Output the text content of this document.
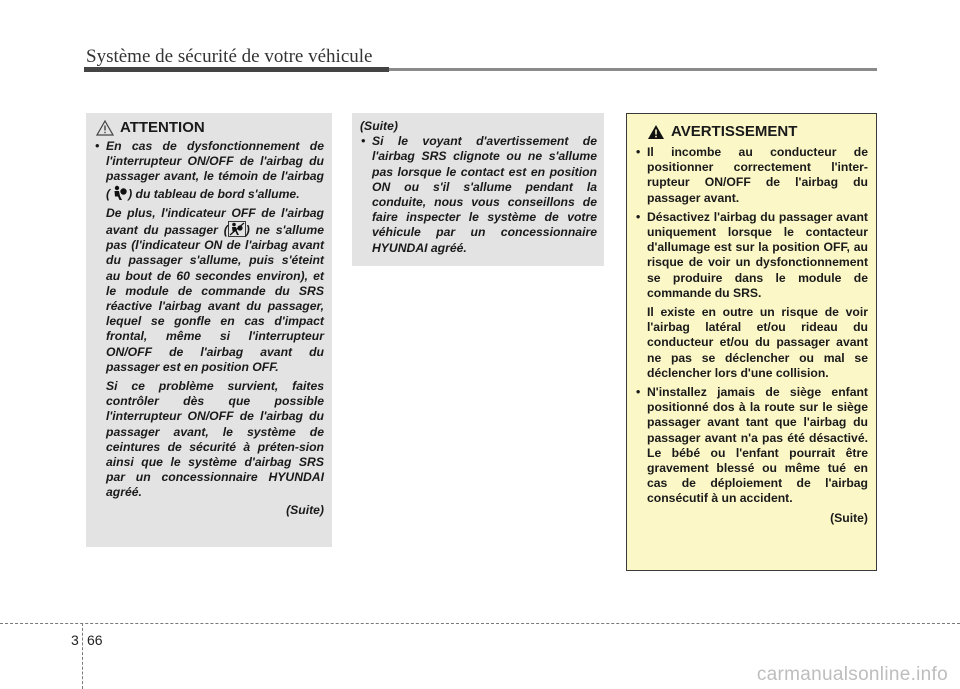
Système de sécurité de votre véhicule
ATTENTION
• En cas de dysfonctionnement de l'interrupteur ON/OFF de l'airbag du passager avant, le témoin de l'airbag ( ) du tableau de bord s'allume.

De plus, l'indicateur OFF de l'airbag avant du passager ( ) ne s'allume pas (l'indicateur ON de l'airbag avant du passager s'allume, puis s'éteint au bout de 60 secondes environ), et le module de commande du SRS réactive l'airbag avant du passager, lequel se gonfle en cas d'impact frontal, même si l'interrupteur ON/OFF de l'airbag avant du passager est en position OFF.

Si ce problème survient, faites contrôler dès que possible l'interrupteur ON/OFF de l'airbag du passager avant, le système de ceintures de sécurité à préten-sion ainsi que le système d'airbag SRS par un concessionnaire HYUNDAI agréé.

(Suite)
(Suite)
• Si le voyant d'avertissement de l'airbag SRS clignote ou ne s'allume pas lorsque le contact est en position ON ou s'il s'allume pendant la conduite, nous vous conseillons de faire inspecter le système de votre véhicule par un concessionnaire HYUNDAI agréé.
AVERTISSEMENT
• Il incombe au conducteur de positionner correctement l'inter-rupteur ON/OFF de l'airbag du passager avant.
• Désactivez l'airbag du passager avant uniquement lorsque le contacteur d'allumage est sur la position OFF, au risque de voir un dysfonctionnement se produire dans le module de commande du SRS.
Il existe en outre un risque de voir l'airbag latéral et/ou rideau du conducteur et/ou du passager avant ne pas se déclencher ou mal se déclencher lors d'une collision.
• N'installez jamais de siège enfant positionné dos à la route sur le siège passager avant tant que l'airbag du passager avant n'a pas été désactivé. Le bébé ou l'enfant pourrait être gravement blessé ou même tué en cas de déploiement de l'airbag consécutif à un accident.
(Suite)
3 66
carmanualsonline.info
